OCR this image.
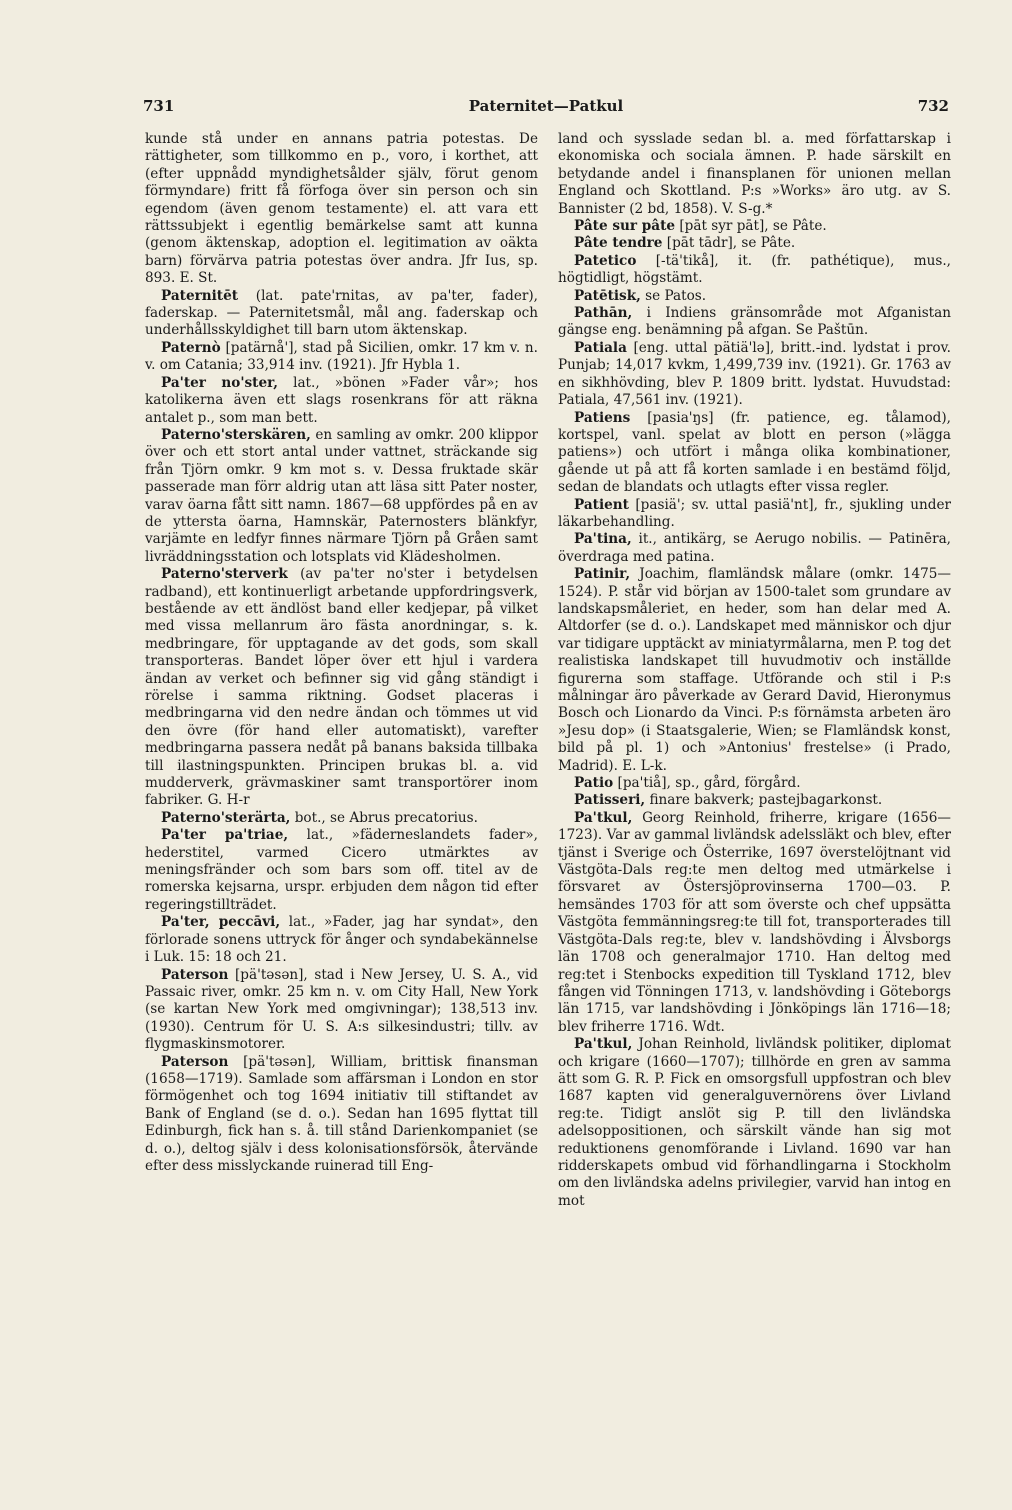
731	Paternitet—Patkul	732

kunde stå under en annans patria potestas. De rättigheter, som tillkommo en p., voro, i korthet, att (efter uppnådd myndighetsålder själv, förut genom förmyndare) fritt få förfoga över sin person och sin egendom (även genom testamente) el. att vara ett rättssubjekt i egentlig bemärkelse samt att kunna (genom äktenskap, adoption el. legitimation av oäkta barn) förvärva patria potestas över andra. Jfr Ius, sp. 893. E. St.

Paternitēt (lat. pate'rnitas, av pa'ter, fader), faderskap. — Paternitetsmål, mål ang. faderskap och underhållsskyldighet till barn utom äktenskap.

Paternò [patärnå'], stad på Sicilien, omkr. 17 km v. n. v. om Catania; 33,914 inv. (1921). Jfr Hybla 1.

Pa'ter no'ster, lat., »bönen »Fader vår»; hos katolikerna även ett slags rosenkrans för att räkna antalet p., som man bett.

Paterno'sterskären, en samling av omkr. 200 klippor över och ett stort antal under vattnet, sträckande sig från Tjörn omkr. 9 km mot s. v. Dessa fruktade skär passerade man förr aldrig utan att läsa sitt Pater noster, varav öarna fått sitt namn. 1867—68 uppfördes på en av de yttersta öarna, Hamnskär, Paternosters blänkfyr, varjämte en ledfyr finnes närmare Tjörn på Gråen samt livräddningsstation och lotsplats vid Klädesholmen.

Paterno'sterverk (av pa'ter no'ster i betydelsen radband), ett kontinuerligt arbetande uppfordringsverk, bestående av ett ändlöst band eller kedjepar, på vilket med vissa mellanrum äro fästa anordningar, s. k. medbringare, för upptagande av det gods, som skall transporteras. Bandet löper över ett hjul i vardera ändan av verket och befinner sig vid gång ständigt i rörelse i samma riktning. Godset placeras i medbringarna vid den nedre ändan och tömmes ut vid den övre (för hand eller automatiskt), varefter medbringarna passera nedåt på banans baksida tillbaka till ilastningspunkten. Principen brukas bl. a. vid mudderverk, grävmaskiner samt transportörer inom fabriker. G. H-r

Paterno'sterärta, bot., se Abrus precatorius.

Pa'ter pa'triae, lat., »fäderneslandets fader», hederstitel, varmed Cicero utmärktes av meningsfränder och som bars som off. titel av de romerska kejsarna, urspr. erbjuden dem någon tid efter regeringstillträdet.

Pa'ter, peccāvi, lat., »Fader, jag har syndat», den förlorade sonens uttryck för ånger och syndabekännelse i Luk. 15: 18 och 21.

Paterson [pä'təsən], stad i New Jersey, U. S. A., vid Passaic river, omkr. 25 km n. v. om City Hall, New York (se kartan New York med omgivningar); 138,513 inv. (1930). Centrum för U. S. A:s silkesindustri; tillv. av flygmaskinsmotorer.

Paterson [pä'təsən], William, brittisk finansman (1658—1719). Samlade som affärsman i London en stor förmögenhet och tog 1694 initiativ till stiftandet av Bank of England (se d. o.). Sedan han 1695 flyttat till Edinburgh, fick han s. å. till stånd Darienkompaniet (se d. o.), deltog själv i dess kolonisationsförsök, återvände efter dess misslyckande ruinerad till Eng-

land och sysslade sedan bl. a. med författarskap i ekonomiska och sociala ämnen. P. hade särskilt en betydande andel i finansplanen för unionen mellan England och Skottland. P:s »Works» äro utg. av S. Bannister (2 bd, 1858). V. S-g.*

Pâte sur pâte [pāt syr pāt], se Pâte.

Pâte tendre [pāt tādr], se Pâte.

Patetico [-tä'tikå], it. (fr. pathétique), mus., högtidligt, högstämt.

Patētisk, se Patos.

Pathān, i Indiens gränsområde mot Afganistan gängse eng. benämning på afgan. Se Paštūn.

Patiala [eng. uttal pätiä'lə], britt.-ind. lydstat i prov. Punjab; 14,017 kvkm, 1,499,739 inv. (1921). Gr. 1763 av en sikhhövding, blev P. 1809 britt. lydstat. Huvudstad: Patiala, 47,561 inv. (1921).

Patiens [pasia'ŋs] (fr. patience, eg. tålamod), kortspel, vanl. spelat av blott en person (»lägga patiens») och utfört i många olika kombinationer, gående ut på att få korten samlade i en bestämd följd, sedan de blandats och utlagts efter vissa regler.

Patient [pasiä'; sv. uttal pasiä'nt], fr., sjukling under läkarbehandling.

Pa'tina, it., antikärg, se Aerugo nobilis. — Patinēra, överdraga med patina.

Patinir, Joachim, flamländsk målare (omkr. 1475—1524). P. står vid början av 1500-talet som grundare av landskapsmåleriet, en heder, som han delar med A. Altdorfer (se d. o.). Landskapet med människor och djur var tidigare upptäckt av miniatyrmålarna, men P. tog det realistiska landskapet till huvudmotiv och inställde figurerna som staffage. Utförande och stil i P:s målningar äro påverkade av Gerard David, Hieronymus Bosch och Lionardo da Vinci. P:s förnämsta arbeten äro »Jesu dop» (i Staatsgalerie, Wien; se Flamländsk konst, bild på pl. 1) och »Antonius' frestelse» (i Prado, Madrid). E. L-k.

Patio [pa'tiå], sp., gård, förgård.

Patisseri, finare bakverk; pastejbagarkonst.

Pa'tkul, Georg Reinhold, friherre, krigare (1656—1723). Var av gammal livländsk adelssläkt och blev, efter tjänst i Sverige och Österrike, 1697 överstelöjtnant vid Västgöta-Dals reg:te men deltog med utmärkelse i försvaret av Östersjöprovinserna 1700—03. P. hemsändes 1703 för att som överste och chef uppsätta Västgöta femmänningsreg:te till fot, transporterades till Västgöta-Dals reg:te, blev v. landshövding i Älvsborgs län 1708 och generalmajor 1710. Han deltog med reg:tet i Stenbocks expedition till Tyskland 1712, blev fången vid Tönningen 1713, v. landshövding i Göteborgs län 1715, var landshövding i Jönköpings län 1716—18; blev friherre 1716. Wdt.

Pa'tkul, Johan Reinhold, livländsk politiker, diplomat och krigare (1660—1707); tillhörde en gren av samma ätt som G. R. P. Fick en omsorgsfull uppfostran och blev 1687 kapten vid generalguvernörens över Livland reg:te. Tidigt anslöt sig P. till den livländska adelsoppositionen, och särskilt vände han sig mot reduktionens genomförande i Livland. 1690 var han ridderskapets ombud vid förhandlingarna i Stockholm om den livländska adelns privilegier, varvid han intog en mot
